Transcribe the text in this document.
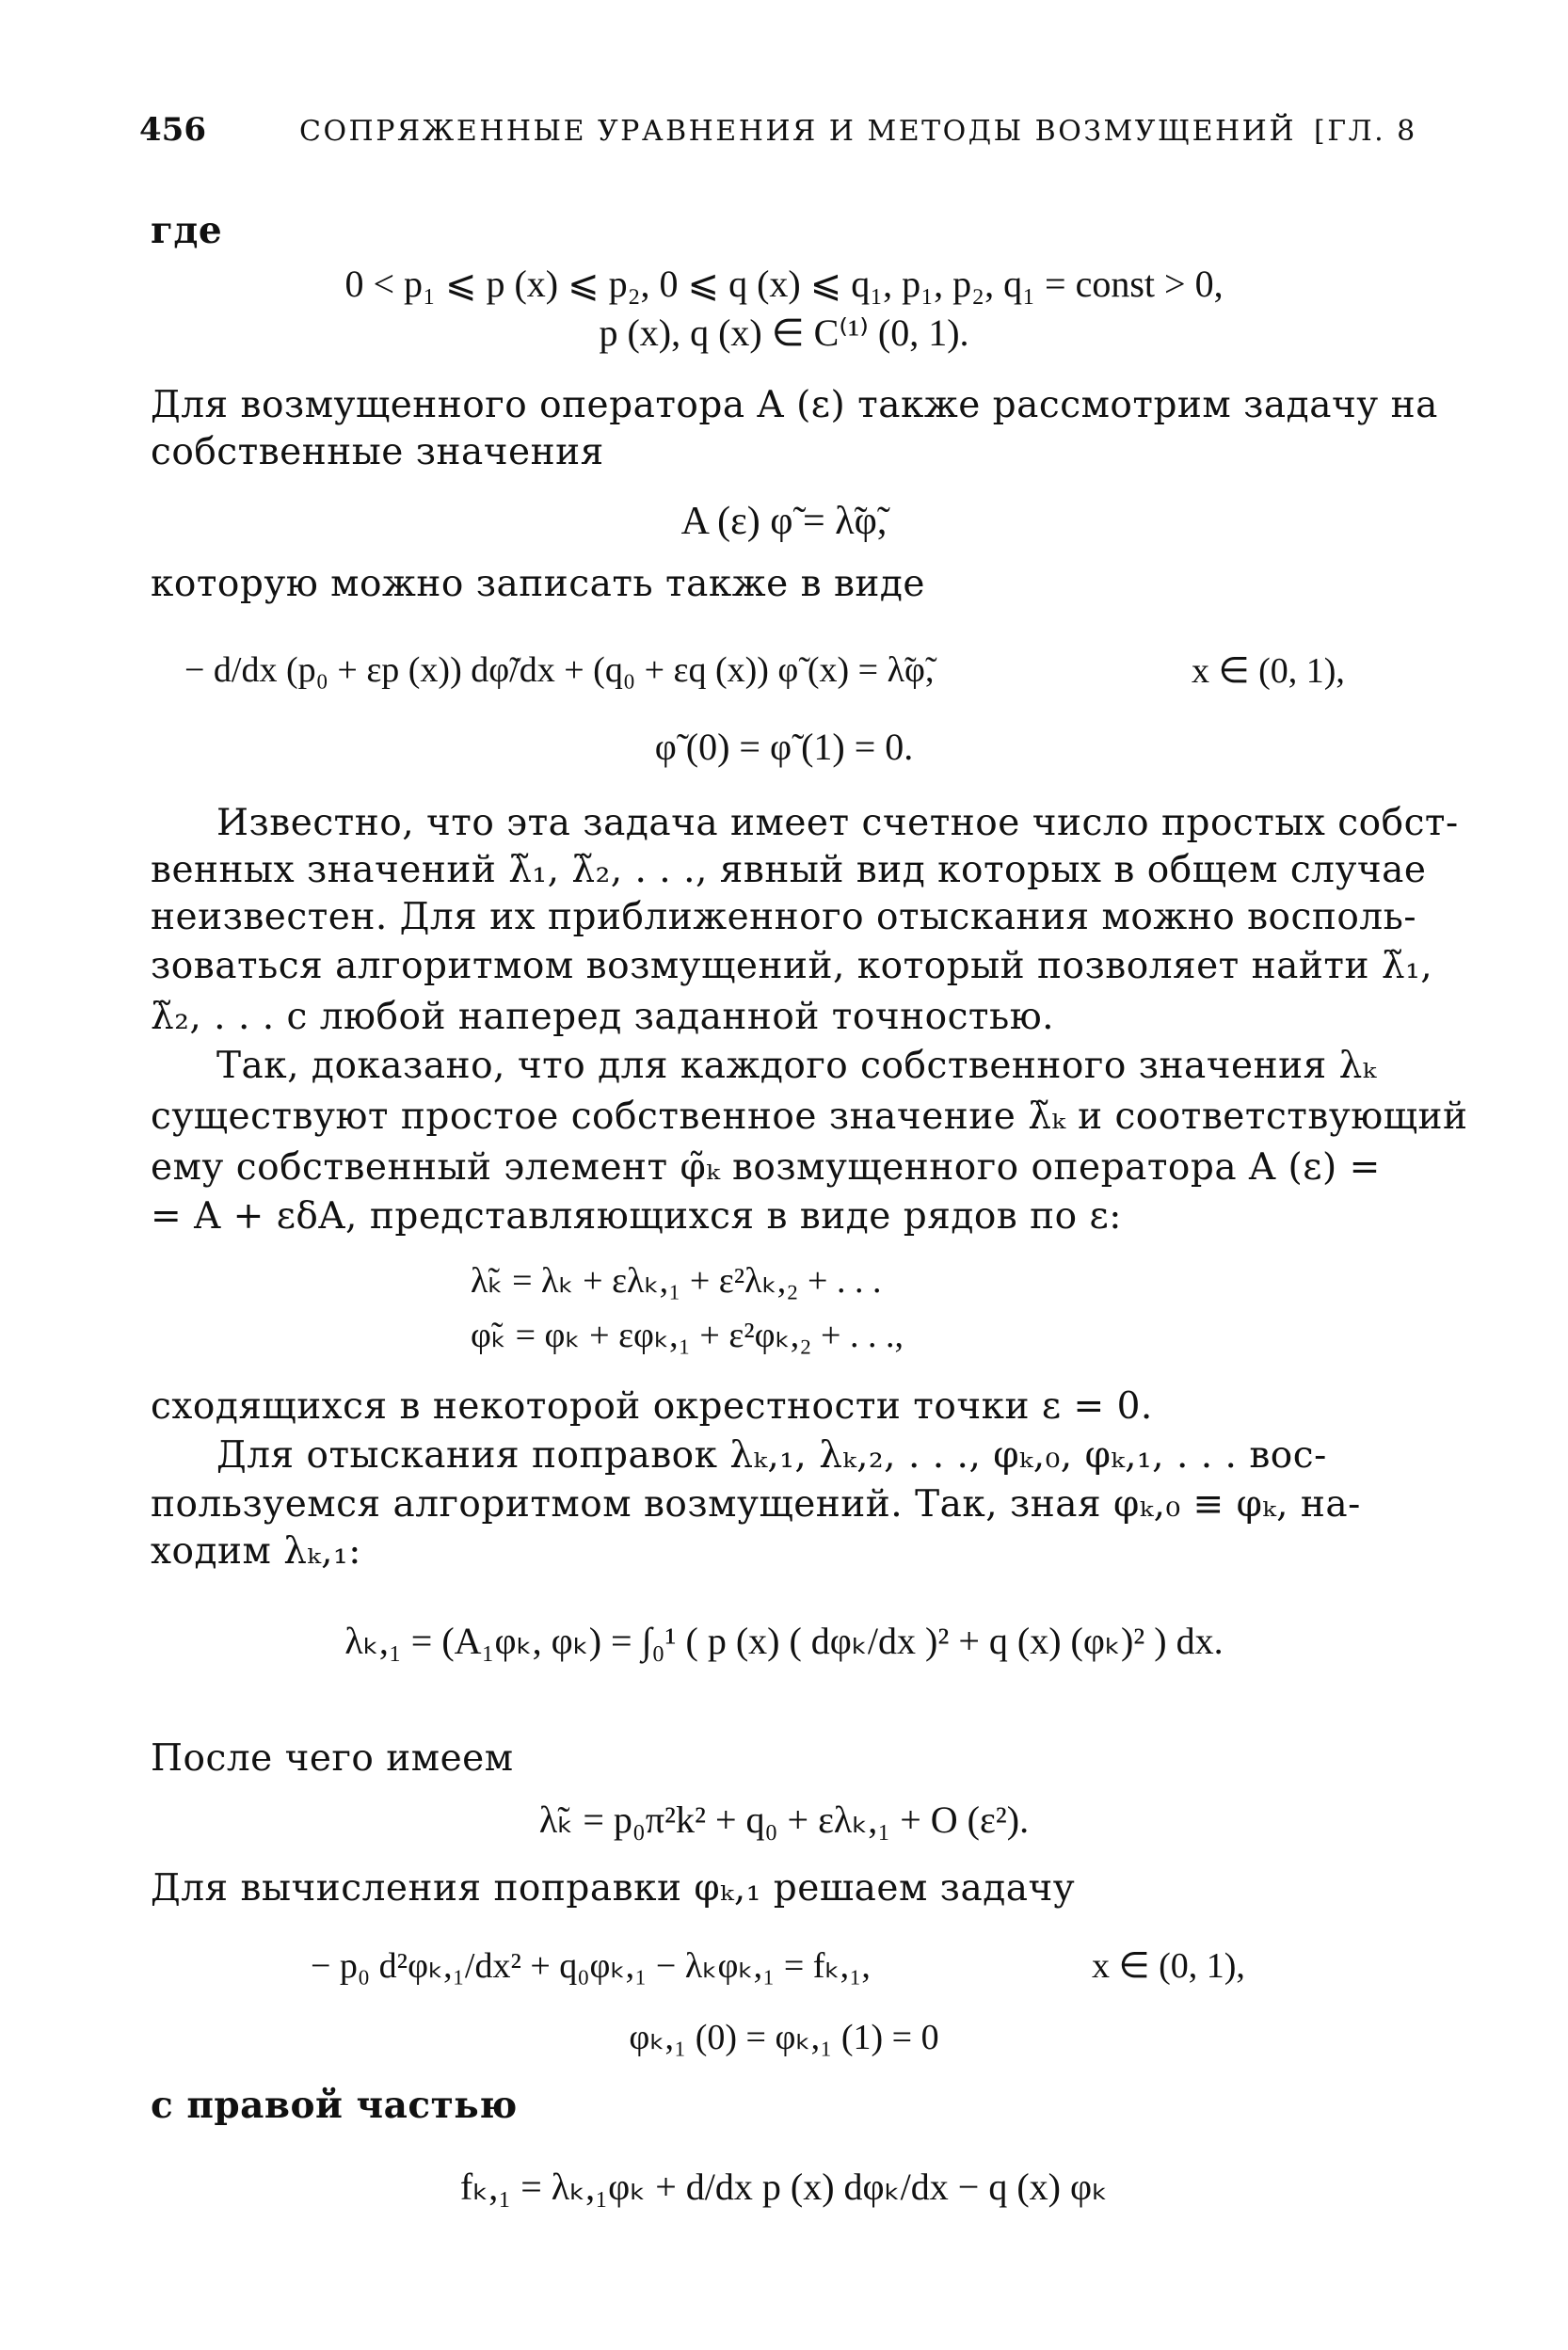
456	СОПРЯЖЕННЫЕ УРАВНЕНИЯ И МЕТОДЫ ВОЗМУЩЕНИЙ [ГЛ. 8
где
0 < p₁ ⩽ p (x) ⩽ p₂, 0 ⩽ q (x) ⩽ q₁, p₁, p₂, q₁ = const > 0,
p (x), q (x) ∈ C⁽¹⁾ (0, 1).
Для возмущенного оператора A (ε) также рассмотрим задачу на
собственные значения
A (ε) φ̃ = λ̃φ̃,
которую можно записать также в виде
− d/dx (p₀ + εp (x)) dφ̃/dx + (q₀ + εq (x)) φ̃ (x) = λ̃φ̃,	x ∈ (0, 1),
φ̃ (0) = φ̃ (1) = 0.
Известно, что эта задача имеет счетное число простых собст-
венных значений λ̃₁, λ̃₂, . . ., явный вид которых в общем случае
неизвестен. Для их приближенного отыскания можно восполь-
зоваться алгоритмом возмущений, который позволяет найти λ̃₁,
λ̃₂, . . . с любой наперед заданной точностью.
Так, доказано, что для каждого собственного значения λₖ
существуют простое собственное значение λ̃ₖ и соответствующий
ему собственный элемент φ̃ₖ возмущенного оператора A (ε) =
= A + εδA, представляющихся в виде рядов по ε:
λ̃ₖ = λₖ + ελₖ,₁ + ε²λₖ,₂ + . . .
φ̃ₖ = φₖ + εφₖ,₁ + ε²φₖ,₂ + . . .,
сходящихся в некоторой окрестности точки ε = 0.
Для отыскания поправок λₖ,₁, λₖ,₂, . . ., φₖ,₀, φₖ,₁, . . . вос-
пользуемся алгоритмом возмущений. Так, зная φₖ,₀ ≡ φₖ, на-
ходим λₖ,₁:
λₖ,₁ = (A₁φₖ, φₖ) = ∫₀¹ ( p (x) ( dφₖ/dx )² + q (x) (φₖ)² ) dx.
После чего имеем
λ̃ₖ = p₀π²k² + q₀ + ελₖ,₁ + O (ε²).
Для вычисления поправки φₖ,₁ решаем задачу
− p₀ d²φₖ,₁/dx² + q₀φₖ,₁ − λₖφₖ,₁ = fₖ,₁,	x ∈ (0, 1),
φₖ,₁ (0) = φₖ,₁ (1) = 0
с правой частью
fₖ,₁ = λₖ,₁φₖ + d/dx p (x) dφₖ/dx − q (x) φₖ
